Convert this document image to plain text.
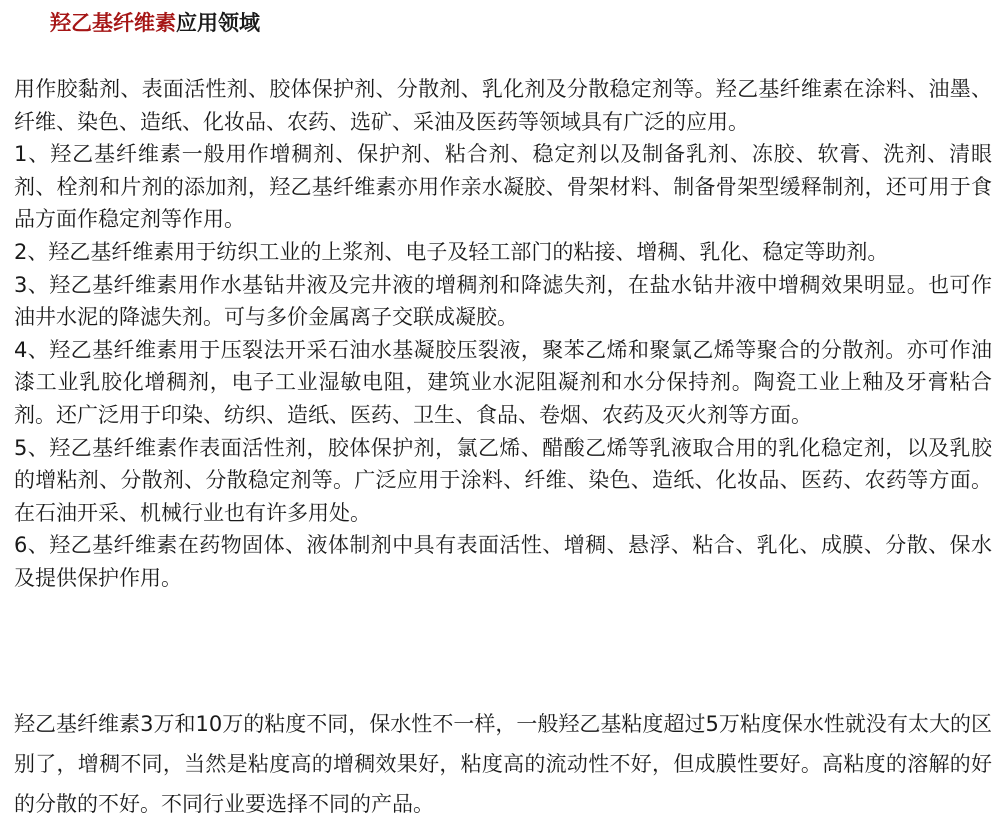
羟乙基纤维素应用领域

用作胶黏剂、表面活性剂、胶体保护剂、分散剂、乳化剂及分散稳定剂等。羟乙基纤维素在涂料、油墨、纤维、染色、造纸、化妆品、农药、选矿、采油及医药等领域具有广泛的应用。

1、羟乙基纤维素一般用作增稠剂、保护剂、粘合剂、稳定剂以及制备乳剂、冻胶、软膏、洗剂、清眼剂、栓剂和片剂的添加剂，羟乙基纤维素亦用作亲水凝胶、骨架材料、制备骨架型缓释制剂，还可用于食品方面作稳定剂等作用。

2、羟乙基纤维素用于纺织工业的上浆剂、电子及轻工部门的粘接、增稠、乳化、稳定等助剂。

3、羟乙基纤维素用作水基钻井液及完井液的增稠剂和降滤失剂，在盐水钻井液中增稠效果明显。也可作油井水泥的降滤失剂。可与多价金属离子交联成凝胶。

4、羟乙基纤维素用于压裂法开采石油水基凝胶压裂液，聚苯乙烯和聚氯乙烯等聚合的分散剂。亦可作油漆工业乳胶化增稠剂，电子工业湿敏电阻，建筑业水泥阻凝剂和水分保持剂。陶瓷工业上釉及牙膏粘合剂。还广泛用于印染、纺织、造纸、医药、卫生、食品、卷烟、农药及灭火剂等方面。

5、羟乙基纤维素作表面活性剂，胶体保护剂，氯乙烯、醋酸乙烯等乳液取合用的乳化稳定剂，以及乳胶的增粘剂、分散剂、分散稳定剂等。广泛应用于涂料、纤维、染色、造纸、化妆品、医药、农药等方面。在石油开采、机械行业也有许多用处。

6、羟乙基纤维素在药物固体、液体制剂中具有表面活性、增稠、悬浮、粘合、乳化、成膜、分散、保水及提供保护作用。

羟乙基纤维素3万和10万的粘度不同，保水性不一样，一般羟乙基粘度超过5万粘度保水性就没有太大的区别了，增稠不同，当然是粘度高的增稠效果好，粘度高的流动性不好，但成膜性要好。高粘度的溶解的好的分散的不好。不同行业要选择不同的产品。
